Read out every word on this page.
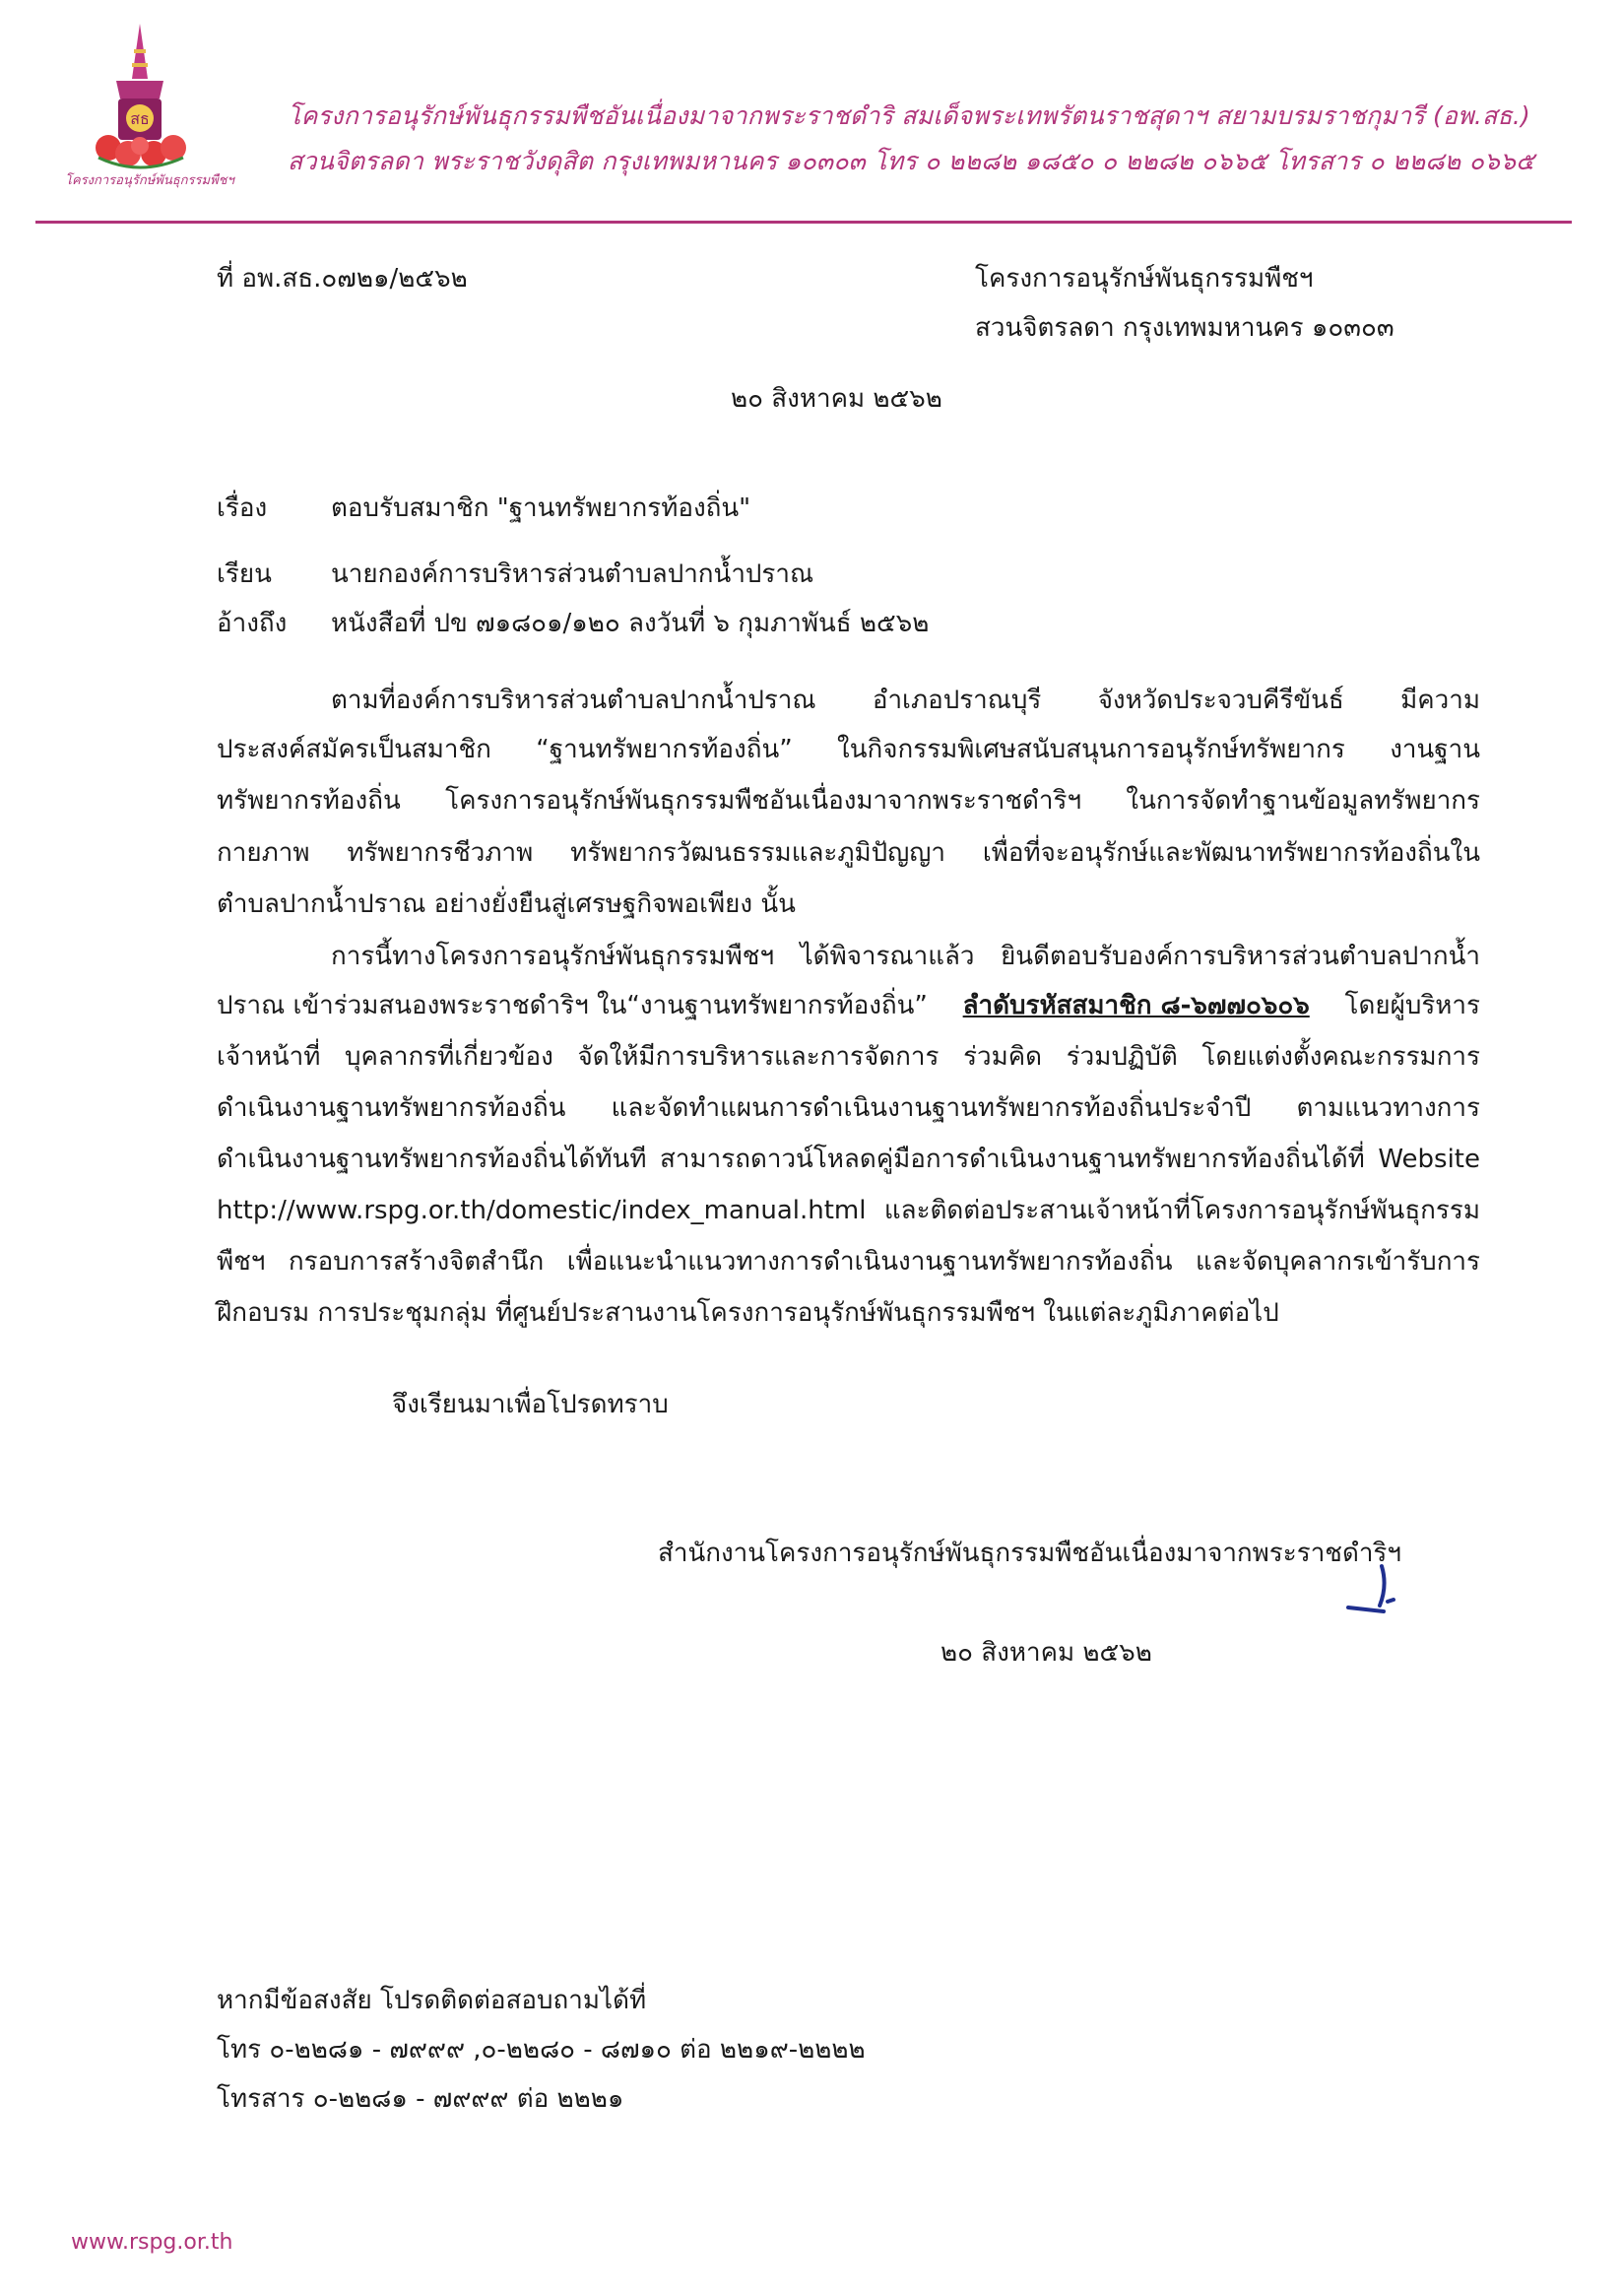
สธ
โครงการอนุรักษ์พันธุกรรมพืชฯ
โครงการอนุรักษ์พันธุกรรมพืชอันเนื่องมาจากพระราชดำริ สมเด็จพระเทพรัตนราชสุดาฯ สยามบรมราชกุมารี (อพ.สธ.)
สวนจิตรลดา พระราชวังดุสิต กรุงเทพมหานคร ๑๐๓๐๓ โทร ๐ ๒๒๘๒ ๑๘๕๐ ๐ ๒๒๘๒ ๐๖๖๕ โทรสาร ๐ ๒๒๘๒ ๐๖๖๕
ที่ อพ.สธ.๐๗๒๑/๒๕๖๒	โครงการอนุรักษ์พันธุกรรมพืชฯ
สวนจิตรลดา กรุงเทพมหานคร ๑๐๓๐๓
๒๐ สิงหาคม ๒๕๖๒
เรื่อง ตอบรับสมาชิก "ฐานทรัพยากรท้องถิ่น"
เรียน นายกองค์การบริหารส่วนตำบลปากน้ำปราณ
อ้างถึง หนังสือที่ ปข ๗๑๘๐๑/๑๒๐ ลงวันที่ ๖ กุมภาพันธ์ ๒๕๖๒
ตามที่องค์การบริหารส่วนตำบลปากน้ำปราณ อำเภอปราณบุรี จังหวัดประจวบคีรีขันธ์ มีความ
ประสงค์สมัครเป็นสมาชิก “ฐานทรัพยากรท้องถิ่น” ในกิจกรรมพิเศษสนับสนุนการอนุรักษ์ทรัพยากร งานฐาน
ทรัพยากรท้องถิ่น โครงการอนุรักษ์พันธุกรรมพืชอันเนื่องมาจากพระราชดำริฯ ในการจัดทำฐานข้อมูลทรัพยากร
กายภาพ ทรัพยากรชีวภาพ ทรัพยากรวัฒนธรรมและภูมิปัญญา เพื่อที่จะอนุรักษ์และพัฒนาทรัพยากรท้องถิ่นใน
ตำบลปากน้ำปราณ อย่างยั่งยืนสู่เศรษฐกิจพอเพียง นั้น
การนี้ทางโครงการอนุรักษ์พันธุกรรมพืชฯ ได้พิจารณาแล้ว ยินดีตอบรับองค์การบริหารส่วนตำบลปากน้ำ
ปราณ เข้าร่วมสนองพระราชดำริฯ ใน“งานฐานทรัพยากรท้องถิ่น” ลำดับรหัสสมาชิก ๘-๖๗๗๐๖๐๖ โดยผู้บริหาร
เจ้าหน้าที่ บุคลากรที่เกี่ยวข้อง จัดให้มีการบริหารและการจัดการ ร่วมคิด ร่วมปฏิบัติ โดยแต่งตั้งคณะกรรมการ
ดำเนินงานฐานทรัพยากรท้องถิ่น และจัดทำแผนการดำเนินงานฐานทรัพยากรท้องถิ่นประจำปี ตามแนวทางการ
ดำเนินงานฐานทรัพยากรท้องถิ่นได้ทันที สามารถดาวน์โหลดคู่มือการดำเนินงานฐานทรัพยากรท้องถิ่นได้ที่ Website
http://www.rspg.or.th/domestic/index_manual.html และติดต่อประสานเจ้าหน้าที่โครงการอนุรักษ์พันธุกรรม
พืชฯ กรอบการสร้างจิตสำนึก เพื่อแนะนำแนวทางการดำเนินงานฐานทรัพยากรท้องถิ่น และจัดบุคลากรเข้ารับการ
ฝึกอบรม การประชุมกลุ่ม ที่ศูนย์ประสานงานโครงการอนุรักษ์พันธุกรรมพืชฯ ในแต่ละภูมิภาคต่อไป
จึงเรียนมาเพื่อโปรดทราบ
สำนักงานโครงการอนุรักษ์พันธุกรรมพืชอันเนื่องมาจากพระราชดำริฯ
๒๐ สิงหาคม ๒๕๖๒
หากมีข้อสงสัย โปรดติดต่อสอบถามได้ที่
โทร ๐-๒๒๘๑ - ๗๙๙๙ ,๐-๒๒๘๐ - ๘๗๑๐ ต่อ ๒๒๑๙-๒๒๒๒
โทรสาร ๐-๒๒๘๑ - ๗๙๙๙ ต่อ ๒๒๒๑
www.rspg.or.th
